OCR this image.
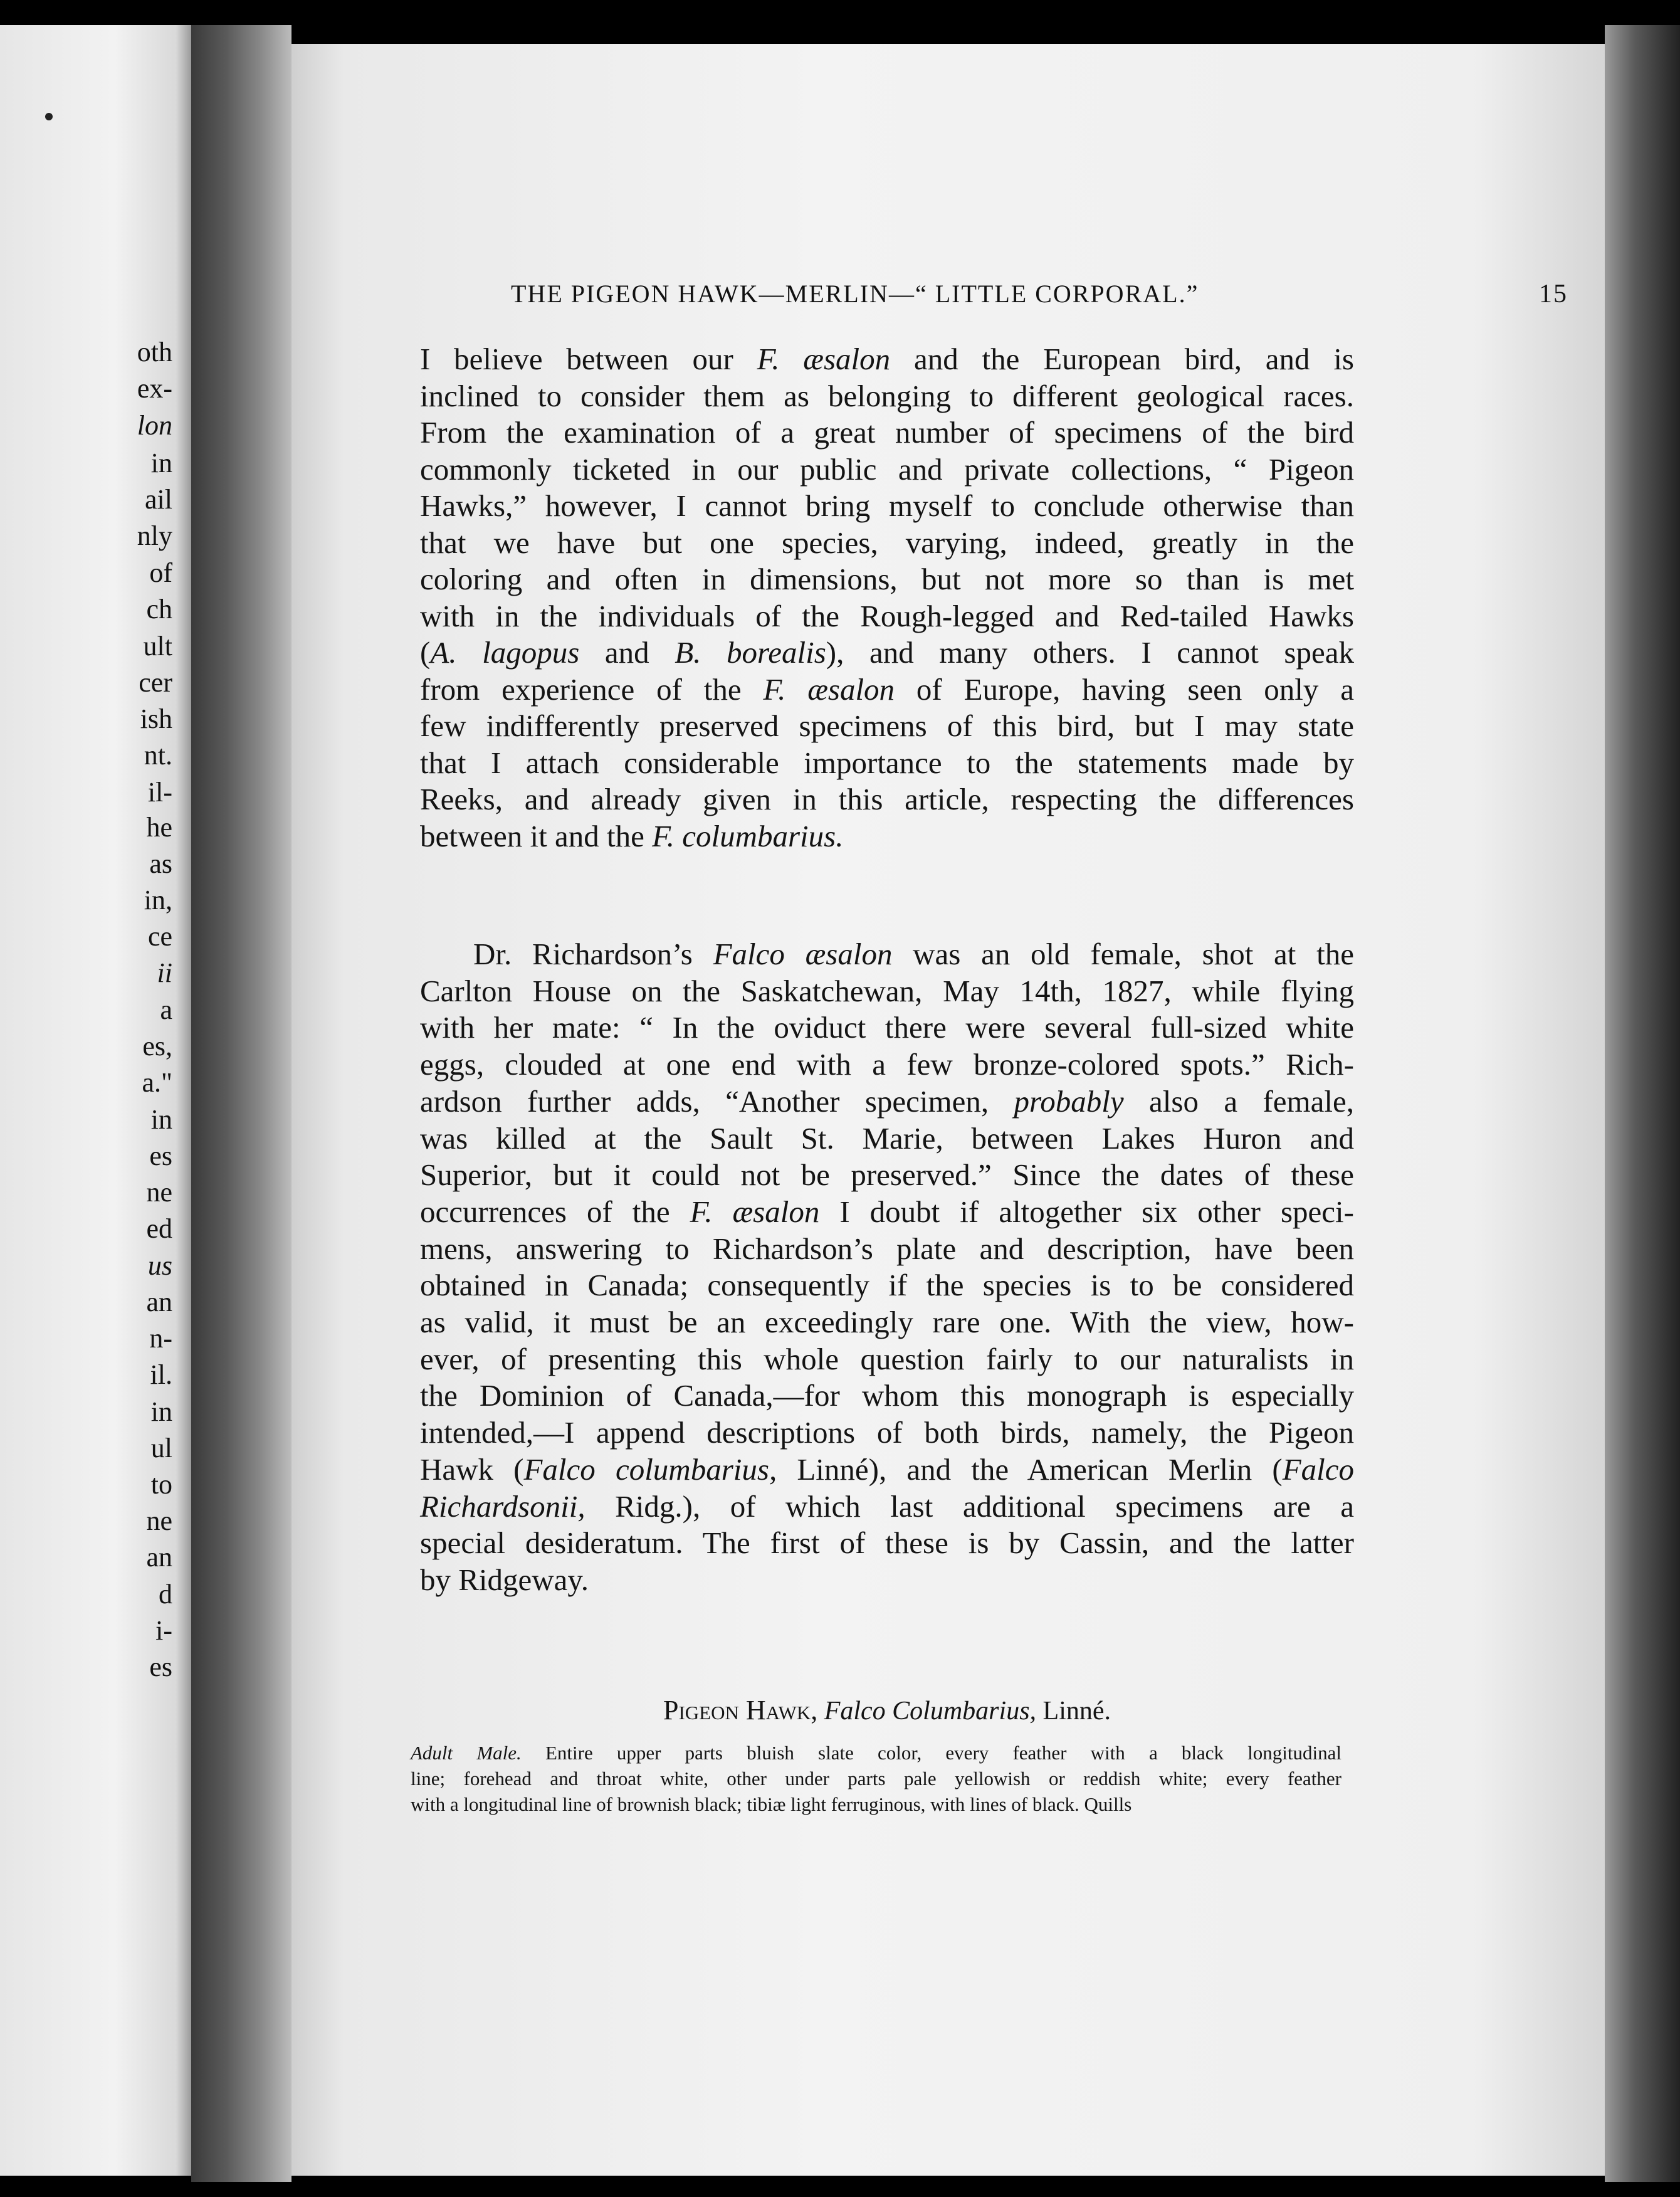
oth
ex-
lon
in
ail
nly
of
ch
ult
cer
ish
nt.
il-
he
as
in,
ce
ii
a
es,
a."
in
es
ne
ed
us
an
n-
il.
in
ul
to
ne
an
d
i-
es
THE PIGEON HAWK—MERLIN—“ LITTLE CORPORAL.”	15
I believe between our F. æsalon and the European bird, and is
inclined to consider them as belonging to different geological races.
From the examination of a great number of specimens of the bird
commonly ticketed in our public and private collections, “ Pigeon
Hawks,” however, I cannot bring myself to conclude otherwise than
that we have but one species, varying, indeed, greatly in the
coloring and often in dimensions, but not more so than is met
with in the individuals of the Rough-legged and Red-tailed Hawks
(A. lagopus and B. borealis), and many others. I cannot speak
from experience of the F. æsalon of Europe, having seen only a
few indifferently preserved specimens of this bird, but I may state
that I attach considerable importance to the statements made by
Reeks, and already given in this article, respecting the differences
between it and the F. columbarius.
Dr. Richardson’s Falco æsalon was an old female, shot at the
Carlton House on the Saskatchewan, May 14th, 1827, while flying
with her mate: “ In the oviduct there were several full-sized white
eggs, clouded at one end with a few bronze-colored spots.” Rich-
ardson further adds, “Another specimen, probably also a female,
was killed at the Sault St. Marie, between Lakes Huron and
Superior, but it could not be preserved.” Since the dates of these
occurrences of the F. æsalon I doubt if altogether six other speci-
mens, answering to Richardson’s plate and description, have been
obtained in Canada; consequently if the species is to be considered
as valid, it must be an exceedingly rare one. With the view, how-
ever, of presenting this whole question fairly to our naturalists in
the Dominion of Canada,—for whom this monograph is especially
intended,—I append descriptions of both birds, namely, the Pigeon
Hawk (Falco columbarius, Linné), and the American Merlin (Falco
Richardsonii, Ridg.), of which last additional specimens are a
special desideratum. The first of these is by Cassin, and the latter
by Ridgeway.
Pigeon Hawk, Falco Columbarius, Linné.
Adult Male. Entire upper parts bluish slate color, every feather with a black longitudinal
line; forehead and throat white, other under parts pale yellowish or reddish white; every feather
with a longitudinal line of brownish black; tibiæ light ferruginous, with lines of black. Quills
